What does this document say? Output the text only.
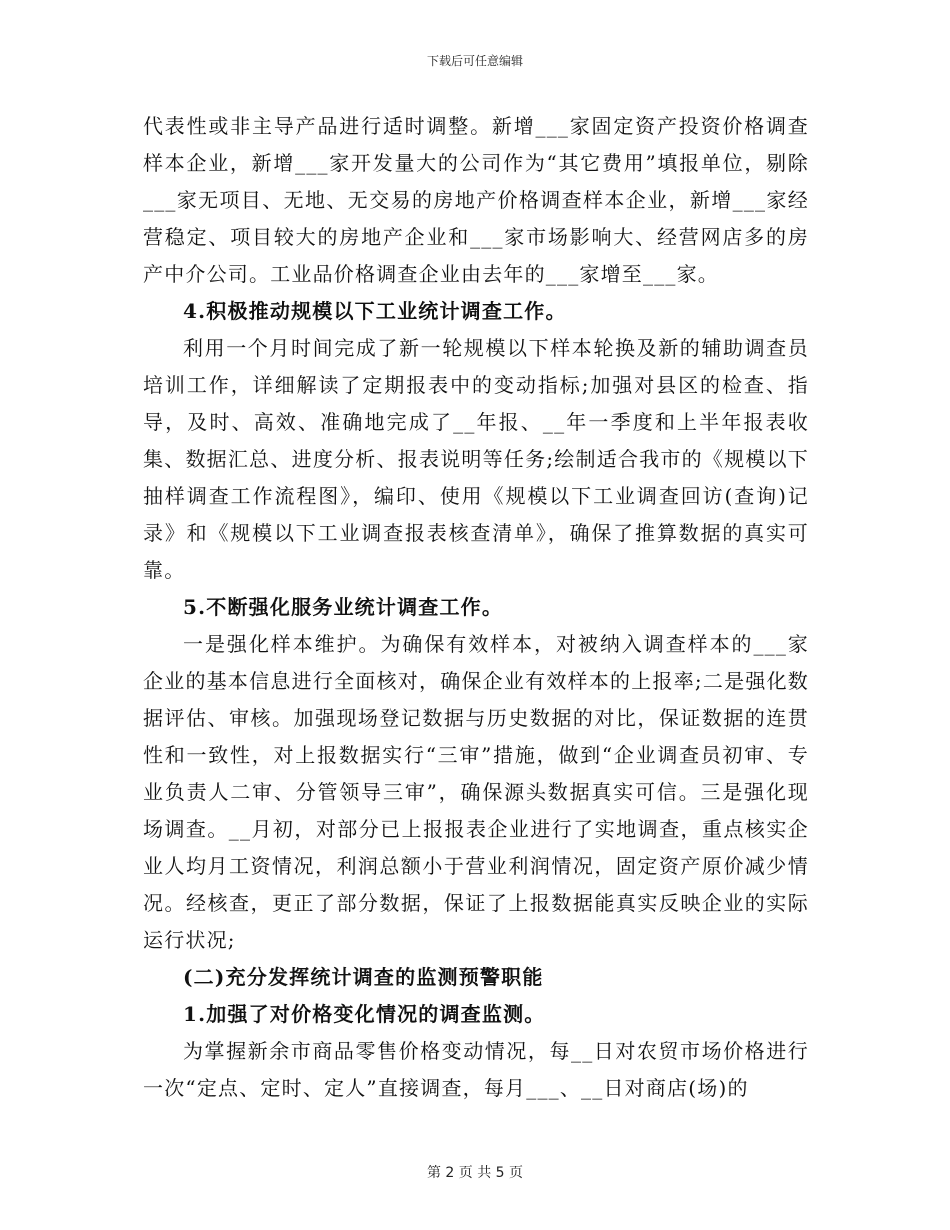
下载后可任意编辑

代表性或非主导产品进行适时调整。新增___家固定资产投资价格调查样本企业，新增___家开发量大的公司作为“其它费用”填报单位，剔除___家无项目、无地、无交易的房地产价格调查样本企业，新增___家经营稳定、项目较大的房地产企业和___家市场影响大、经营网店多的房产中介公司。工业品价格调查企业由去年的___家增至___家。

4.积极推动规模以下工业统计调查工作。

利用一个月时间完成了新一轮规模以下样本轮换及新的辅助调查员培训工作，详细解读了定期报表中的变动指标;加强对县区的检查、指导，及时、高效、准确地完成了__年报、__年一季度和上半年报表收集、数据汇总、进度分析、报表说明等任务;绘制适合我市的《规模以下抽样调查工作流程图》，编印、使用《规模以下工业调查回访(查询)记录》和《规模以下工业调查报表核查清单》，确保了推算数据的真实可靠。

5.不断强化服务业统计调查工作。

一是强化样本维护。为确保有效样本，对被纳入调查样本的___家企业的基本信息进行全面核对，确保企业有效样本的上报率;二是强化数据评估、审核。加强现场登记数据与历史数据的对比，保证数据的连贯性和一致性，对上报数据实行“三审”措施，做到“企业调查员初审、专业负责人二审、分管领导三审”，确保源头数据真实可信。三是强化现场调查。__月初，对部分已上报报表企业进行了实地调查，重点核实企业人均月工资情况，利润总额小于营业利润情况，固定资产原价减少情况。经核查，更正了部分数据，保证了上报数据能真实反映企业的实际运行状况;

(二)充分发挥统计调查的监测预警职能

1.加强了对价格变化情况的调查监测。

为掌握新余市商品零售价格变动情况，每__日对农贸市场价格进行一次“定点、定时、定人”直接调查，每月___、__日对商店(场)的

第 2 页 共 5 页
